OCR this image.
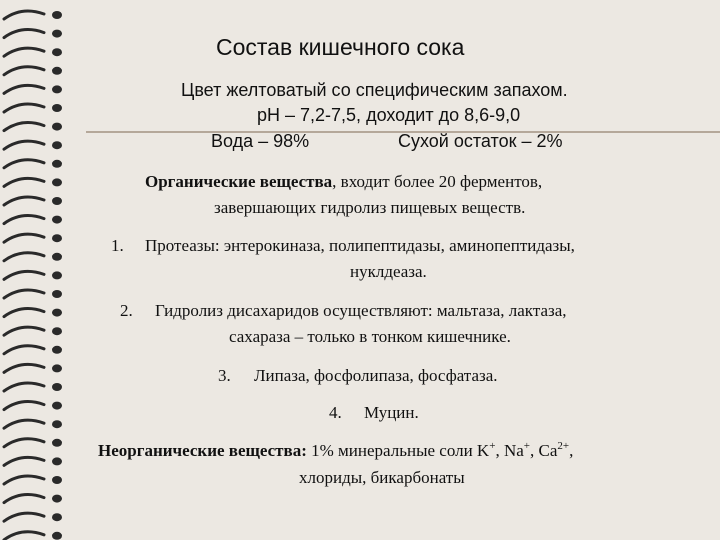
Состав кишечного сока
Цвет желтоватый со специфическим запахом.
pH – 7,2-7,5, доходит до 8,6-9,0
Вода – 98%	Сухой остаток – 2%
Органические вещества, входит более 20 ферментов,
завершающих гидролиз пищевых веществ.
1. Протеазы: энтерокиназа, полипептидазы, аминопептидазы,
нуклдеаза.
2. Гидролиз дисахаридов осуществляют: мальтаза, лактаза,
сахараза – только в тонком кишечнике.
3. Липаза, фосфолипаза, фосфатаза.
4. Муцин.
Неорганические вещества: 1% минеральные соли K+, Na+, $Ca^{2+}$,
хлориды, бикарбонаты
